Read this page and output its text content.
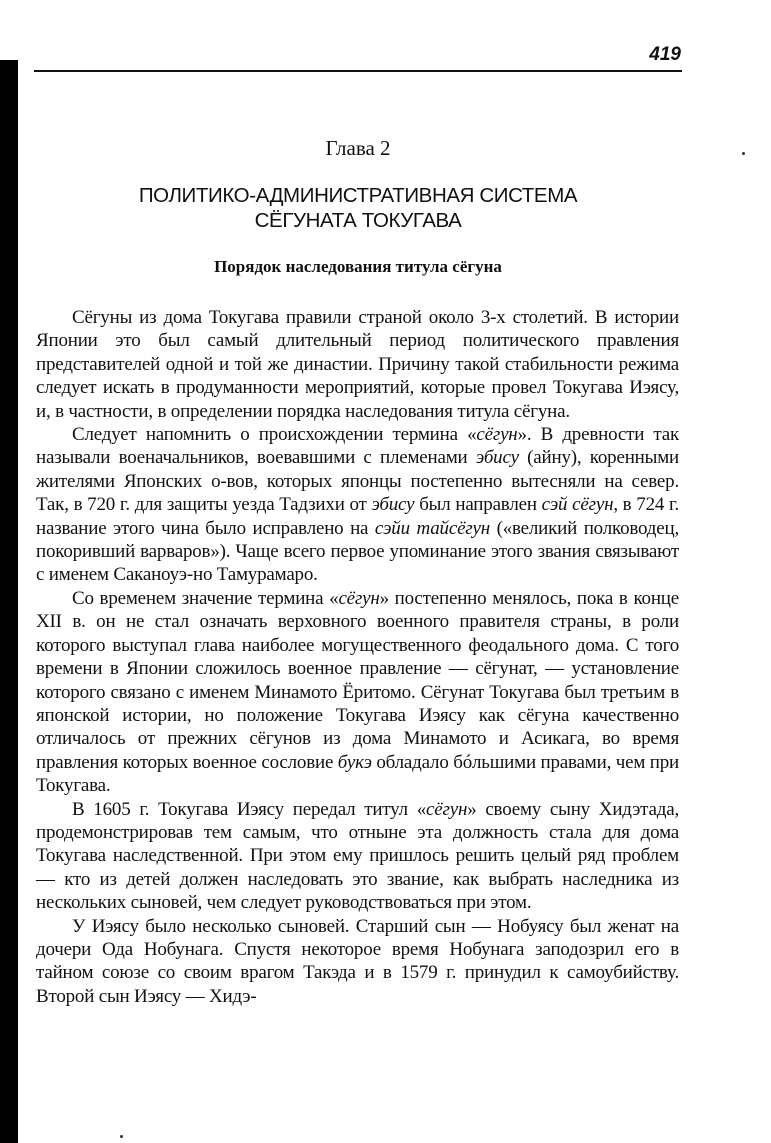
419
Глава 2
ПОЛИТИКО-АДМИНИСТРАТИВНАЯ СИСТЕМА
СЁГУНАТА ТОКУГАВА
Порядок наследования титула сёгуна

Сёгуны из дома Токугава правили страной около 3-х столетий. В истории Японии это был самый длительный период политического правления представителей одной и той же династии. Причину такой стабильности режима следует искать в продуманности мероприятий, которые провел Токугава Иэясу, и, в частности, в определении порядка наследования титула сёгуна.

Следует напомнить о происхождении термина «сёгун». В древности так называли военачальников, воевавшими с племенами эбису (айну), коренными жителями Японских о-вов, которых японцы постепенно вытесняли на север. Так, в 720 г. для защиты уезда Тадзихи от эбису был направлен сэй сёгун, в 724 г. название этого чина было исправлено на сэйи тайсёгун («великий полководец, покоривший варваров»). Чаще всего первое упоминание этого звания связывают с именем Саканоуэ-но Тамурамаро.

Со временем значение термина «сёгун» постепенно менялось, пока в конце XII в. он не стал означать верховного военного правителя страны, в роли которого выступал глава наиболее могущественного феодального дома. С того времени в Японии сложилось военное правление — сёгунат, — установление которого связано с именем Минамото Ёритомо. Сёгунат Токугава был третьим в японской истории, но положение Токугава Иэясу как сёгуна качественно отличалось от прежних сёгунов из дома Минамото и Асикага, во время правления которых военное сословие букэ обладало бóльшими правами, чем при Токугава.

В 1605 г. Токугава Иэясу передал титул «сёгун» своему сыну Хидэтада, продемонстрировав тем самым, что отныне эта должность стала для дома Токугава наследственной. При этом ему пришлось решить целый ряд проблем — кто из детей должен наследовать это звание, как выбрать наследника из нескольких сыновей, чем следует руководствоваться при этом.

У Иэясу было несколько сыновей. Старший сын — Нобуясу был женат на дочери Ода Нобунага. Спустя некоторое время Нобунага заподозрил его в тайном союзе со своим врагом Такэда и в 1579 г. принудил к самоубийству. Второй сын Иэясу — Хидэ-
